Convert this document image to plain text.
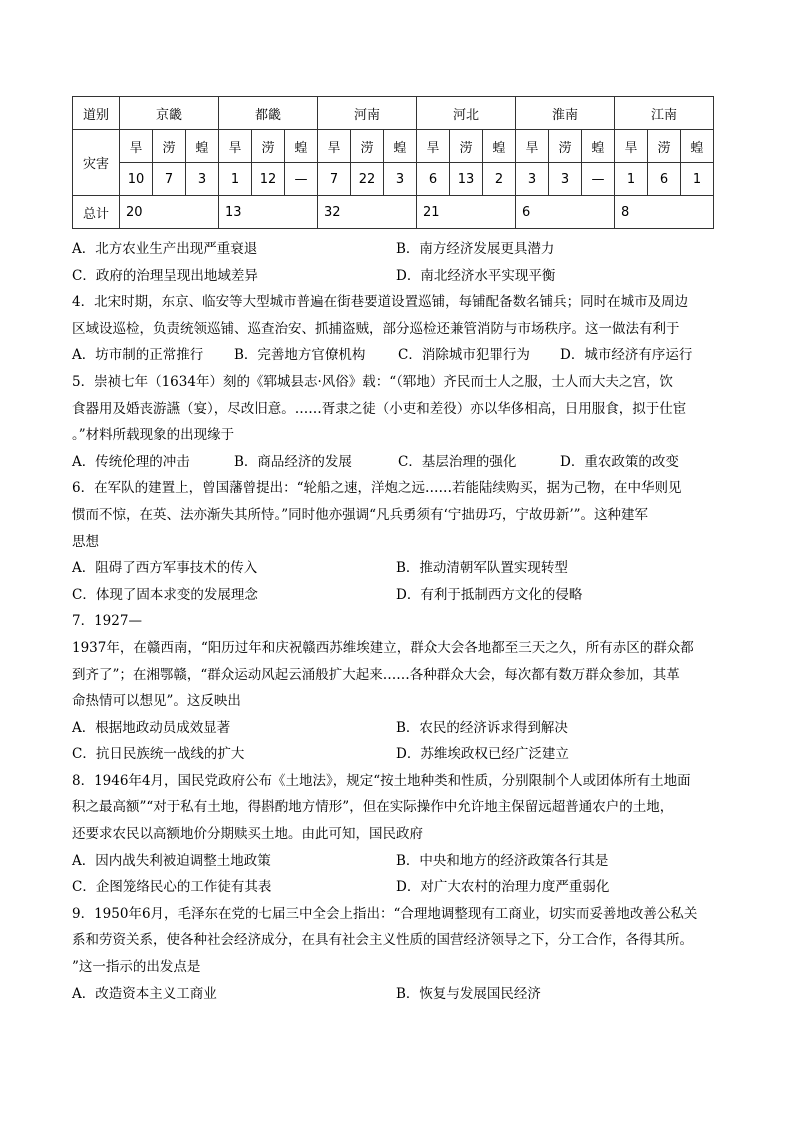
道别	京畿			都畿			河南			河北			淮南			江南		
灾害	旱	涝	蝗	旱	涝	蝗	旱	涝	蝗	旱	涝	蝗	旱	涝	蝗	旱	涝	蝗
	10	7	3	1	12	—	7	22	3	6	13	2	3	3	—	1	6	1
总计	20			13			32			21			6			8		
A．北方农业生产出现严重衰退	B．南方经济发展更具潜力
C．政府的治理呈现出地域差异	D．南北经济水平实现平衡
4．北宋时期，东京、临安等大型城市普遍在街巷要道设置巡铺，每铺配备数名铺兵；同时在城市及周边
区域设巡检，负责统领巡铺、巡查治安、抓捕盗贼，部分巡检还兼管消防与市场秩序。这一做法有利于
A．坊市制的正常推行	B．完善地方官僚机构	C．消除城市犯罪行为	D．城市经济有序运行
5．崇祯七年（1634年）刻的《郓城县志·风俗》载：“（郓地）齐民而士人之服，士人而大夫之宫，饮
食器用及婚丧游讌（宴），尽改旧意。……胥隶之徒（小吏和差役）亦以华侈相高，日用服食，拟于仕宦
。”材料所载现象的出现缘于
A．传统伦理的冲击	B．商品经济的发展	C．基层治理的强化	D．重农政策的改变
6．在军队的建置上，曾国藩曾提出：“轮船之速，洋炮之远……若能陆续购买，据为己物，在中华则见
惯而不惊，在英、法亦渐失其所恃。”同时他亦强调“凡兵勇须有‘宁拙毋巧，宁故毋新’”。这种建军
思想
A．阻碍了西方军事技术的传入	B．推动清朝军队置实现转型
C．体现了固本求变的发展理念	D．有利于抵制西方文化的侵略
7．1927—
1937年，在赣西南，“阳历过年和庆祝赣西苏维埃建立，群众大会各地都至三天之久，所有赤区的群众都
到齐了”；在湘鄂赣，“群众运动风起云涌般扩大起来……各种群众大会，每次都有数万群众参加，其革
命热情可以想见”。这反映出
A．根据地政动员成效显著	B．农民的经济诉求得到解决
C．抗日民族统一战线的扩大	D．苏维埃政权已经广泛建立
8．1946年4月，国民党政府公布《土地法》，规定“按土地种类和性质，分别限制个人或团体所有土地面
积之最高额”“对于私有土地，得斟酌地方情形”，但在实际操作中允许地主保留远超普通农户的土地，
还要求农民以高额地价分期赎买土地。由此可知，国民政府
A．因内战失利被迫调整土地政策	B．中央和地方的经济政策各行其是
C．企图笼络民心的工作徒有其表	D．对广大农村的治理力度严重弱化
9．1950年6月，毛泽东在党的七届三中全会上指出：“合理地调整现有工商业，切实而妥善地改善公私关
系和劳资关系，使各种社会经济成分，在具有社会主义性质的国营经济领导之下，分工合作，各得其所。
”这一指示的出发点是
A．改造资本主义工商业	B．恢复与发展国民经济
